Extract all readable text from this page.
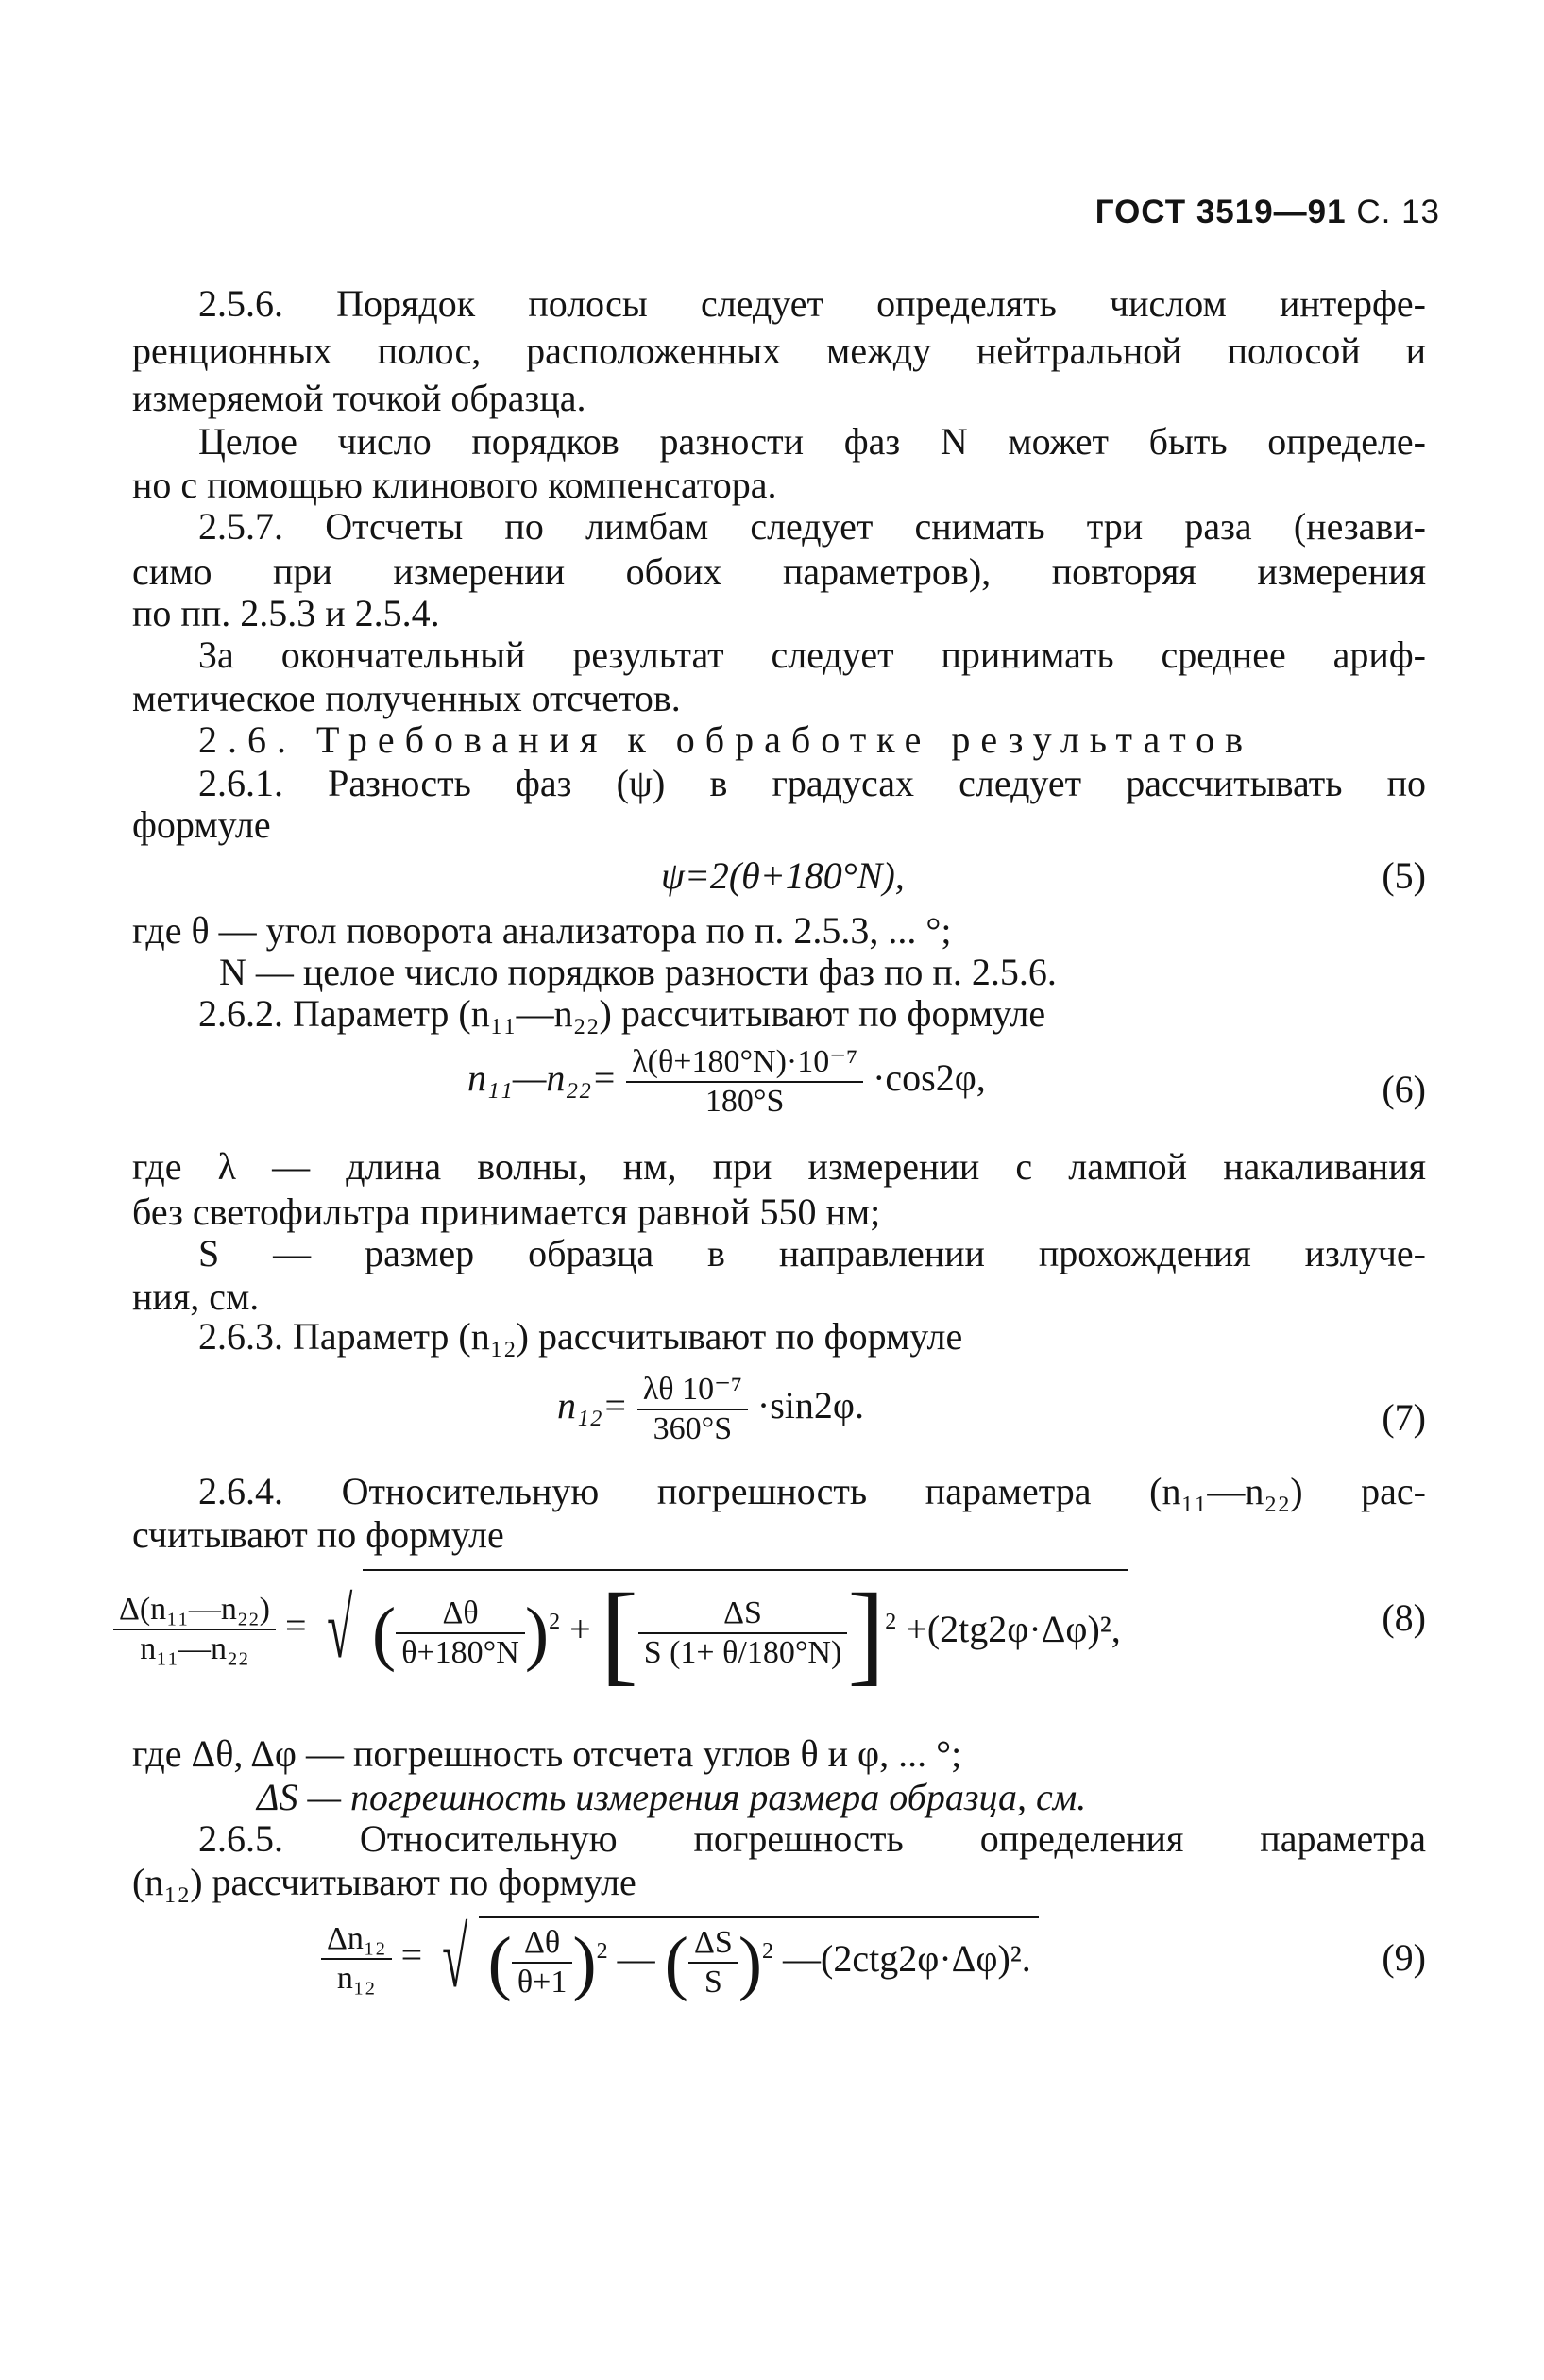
ГОСТ 3519—91 С. 13
2.5.6. Порядок полосы следует определять числом интерфе-
ренционных полос, расположенных между нейтральной полосой и
измеряемой точкой образца.
Целое число порядков разности фаз N может быть определе-
но с помощью клинового компенсатора.
2.5.7. Отсчеты по лимбам следует снимать три раза (незави-
симо при измерении обоих параметров), повторяя измерения
по пп. 2.5.3 и 2.5.4.
За окончательный результат следует принимать среднее ариф-
метическое полученных отсчетов.
2.6. Требования к обработке результатов
2.6.1. Разность фаз (ψ) в градусах следует рассчитывать по
формуле
ψ=2(θ+180°N),	(5)
где θ — угол поворота анализатора по п. 2.5.3, ... °;
N — целое число порядков разности фаз по п. 2.5.6.
2.6.2. Параметр (n₁₁—n₂₂) рассчитывают по формуле
n₁₁—n₂₂= $\frac{\text{λ(θ+180°N)·10⁻⁷}}{180^\circ S} \cdot\cos 2\varphi$,	(6)
где λ — длина волны, нм, при измерении с лампой накаливания
без светофильтра принимается равной 550 нм;
S — размер образца в направлении прохождения излуче-
ния, см.
2.6.3. Параметр (n₁₂) рассчитывают по формуле
$n_{12}= \frac{\text{λθ 10⁻⁷}}{360^\circ S} \cdot\sin 2\varphi$.	(7)
2.6.4. Относительную погрешность параметра (n₁₁—n₂₂) рас-
считывают по формуле
$\frac{\text{Δ(n₁₁—n₂₂)}}{\text{n₁₁—n₂₂}}$ = √ ( $\frac{\Delta\theta}{\theta+180^\circ N} )^2$ + [ $\frac{\Delta S}{S (1+ \theta/180^\circ N)} ]^2 +(2tg2\varphi\cdot\Delta\varphi)^2$,	(8)
где Δθ, Δφ — погрешность отсчета углов θ и φ, ... °;
ΔS — погрешность измерения размера образца, см.
2.6.5. Относительную погрешность определения параметра
(n₁₂) рассчитывают по формуле
$\frac{\text{Δn₁₂}}{\text{n₁₂}}$ = √ ( $\frac{\Delta\theta}{\theta+1} )^2$ — ( $\frac{\Delta S}{S} )^2$ —(2ctg2φ·Δφ)².	(9)
